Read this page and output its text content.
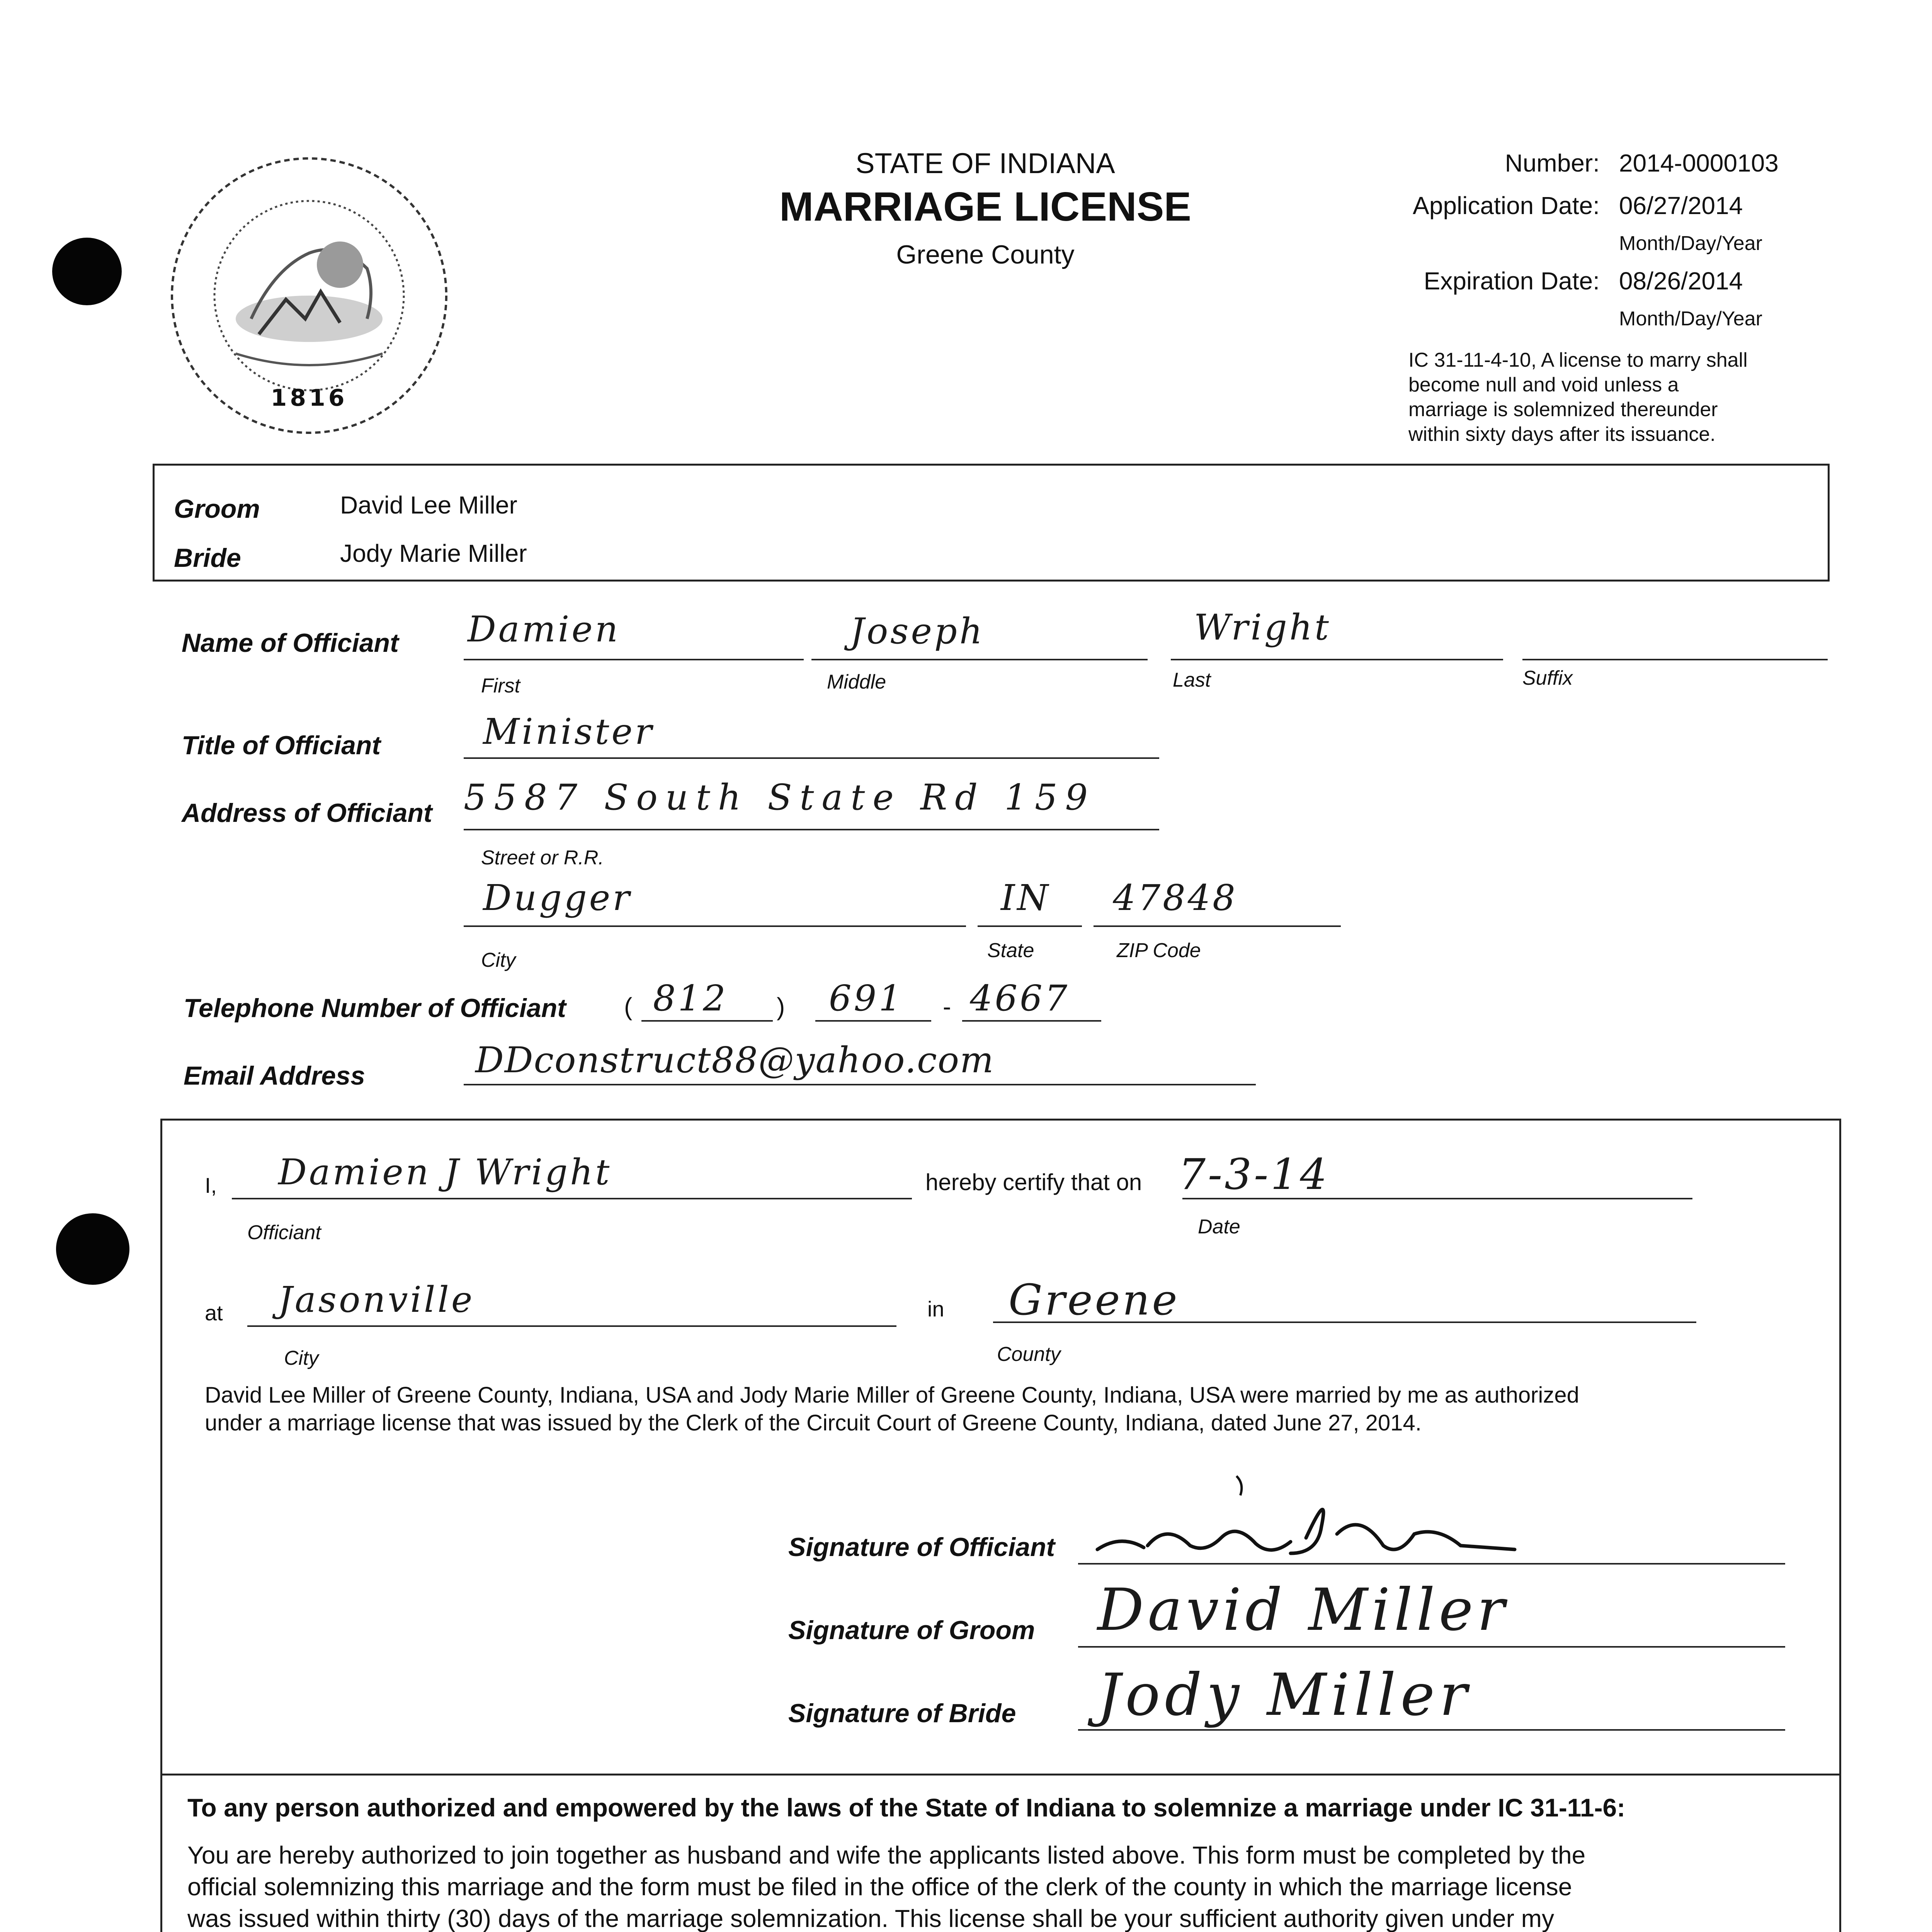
1816
STATE OF INDIANA
MARRIAGE LICENSE
Greene County
Number: 2014-0000103
Application Date: 06/27/2014
Month/Day/Year
Expiration Date: 08/26/2014
Month/Day/Year
IC 31-11-4-10, A license to marry shall
become null and void unless a
marriage is solemnized thereunder
within sixty days after its issuance.
Groom	David Lee Miller
Bride	Jody Marie Miller
Name of Officiant Damien	Joseph	Wright
First	Middle	Last	Suffix
Title of Officiant	Minister
Address of Officiant 5587 South State Rd 159
Street or R.R.
Dugger	IN 47848
City	State	ZIP Code
Telephone Number of Officiant ( 812 ) 691 - 4667
Email Address	DDconstruct88@yahoo.com
I, Damien J Wright
Officiant
hereby certify that on 7-3-14
Date
at Jasonville
City
in Greene
County
David Lee Miller of Greene County, Indiana, USA and Jody Marie Miller of Greene County, Indiana, USA were married by me as authorized
under a marriage license that was issued by the Clerk of the Circuit Court of Greene County, Indiana, dated June 27, 2014.
Signature of Officiant
Signature of Groom David Miller
Signature of Bride Jody Miller
To any person authorized and empowered by the laws of the State of Indiana to solemnize a marriage under IC 31-11-6:
You are hereby authorized to join together as husband and wife the applicants listed above. This form must be completed by the
official solemnizing this marriage and the form must be filed in the office of the clerk of the county in which the marriage license
was issued within thirty (30) days of the marriage solemnization. This license shall be your sufficient authority given under my
